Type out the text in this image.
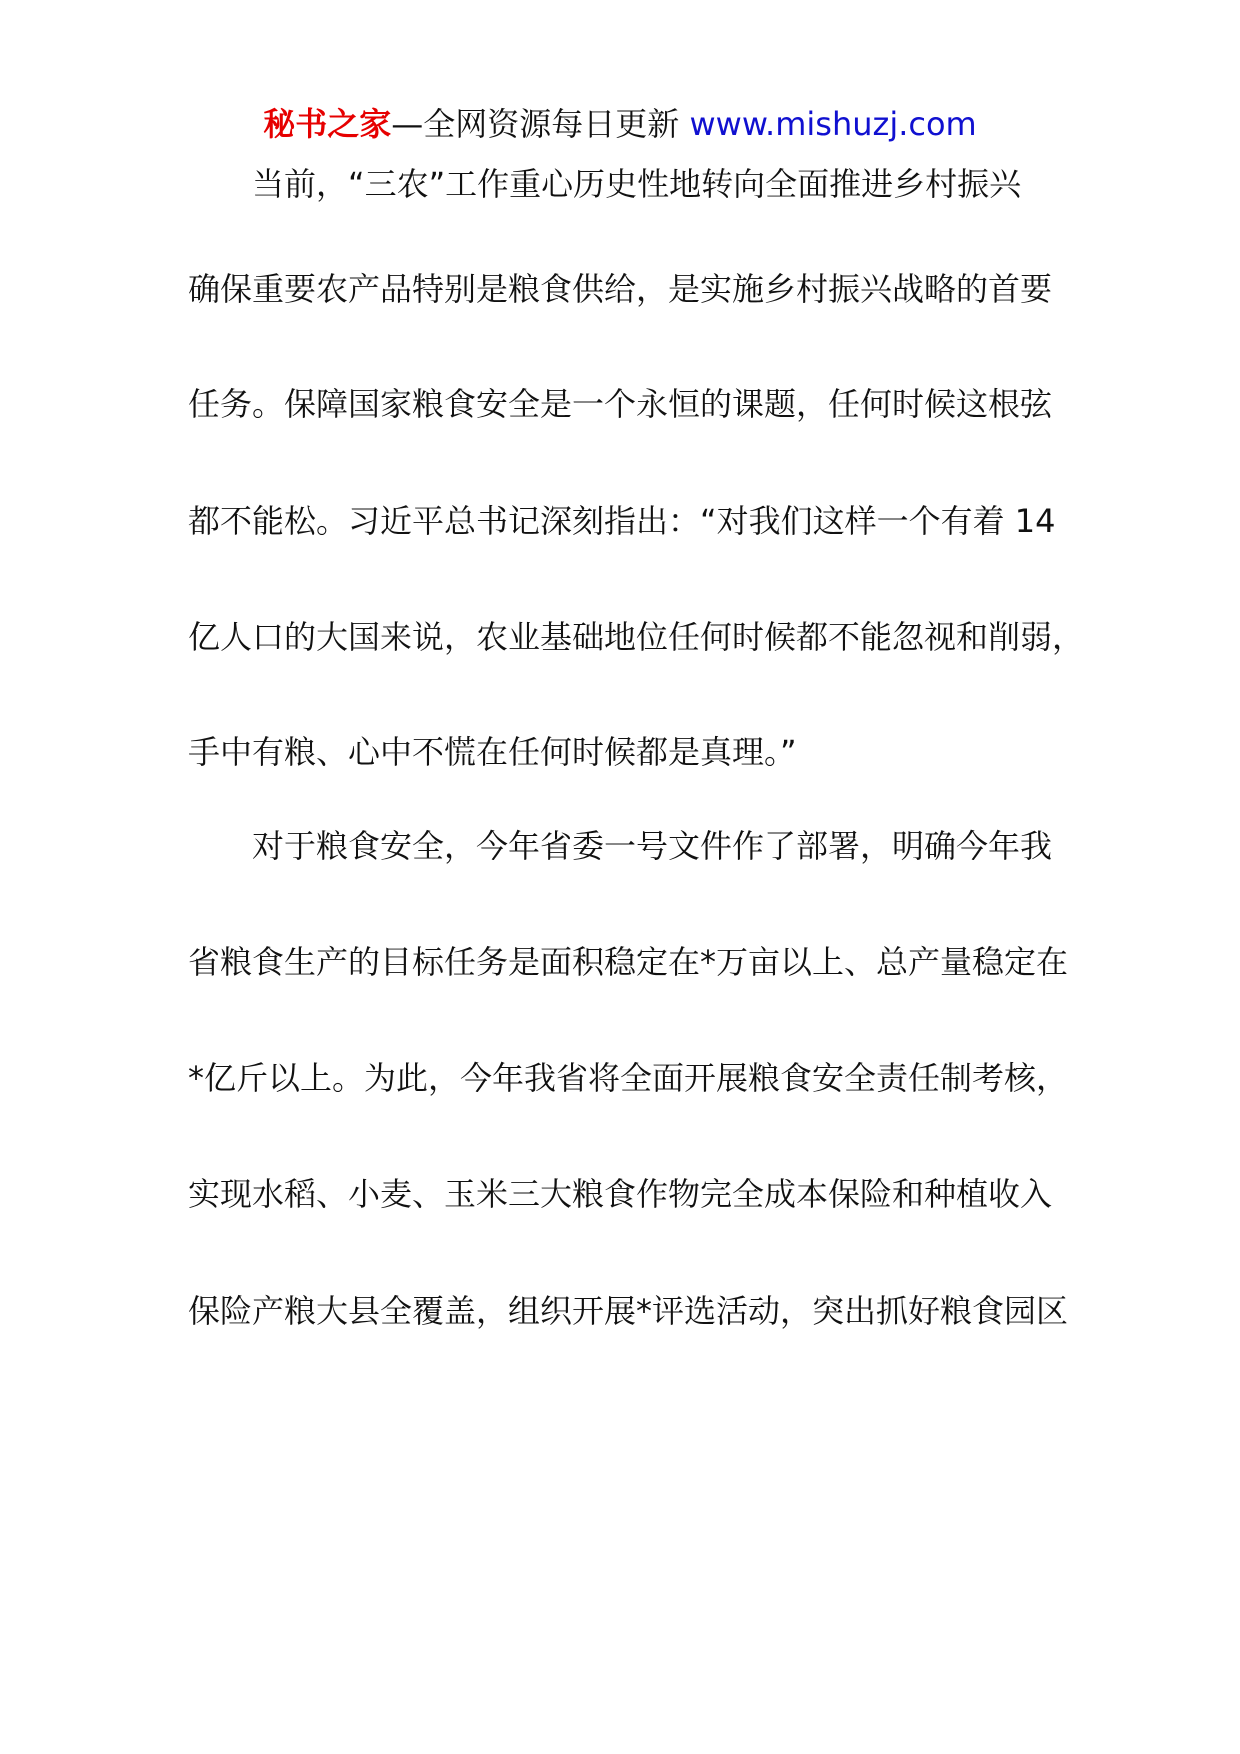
秘书之家—全网资源每日更新 www.mishuzj.com
　　当前，“三农”工作重心历史性地转向全面推进乡村振兴
确保重要农产品特别是粮食供给，是实施乡村振兴战略的首要
任务。保障国家粮食安全是一个永恒的课题，任何时候这根弦
都不能松。习近平总书记深刻指出：“对我们这样一个有着 14
亿人口的大国来说，农业基础地位任何时候都不能忽视和削弱，
手中有粮、心中不慌在任何时候都是真理。”
　　对于粮食安全，今年省委一号文件作了部署，明确今年我
省粮食生产的目标任务是面积稳定在*万亩以上、总产量稳定在
*亿斤以上。为此，今年我省将全面开展粮食安全责任制考核，
实现水稻、小麦、玉米三大粮食作物完全成本保险和种植收入
保险产粮大县全覆盖，组织开展*评选活动，突出抓好粮食园区
